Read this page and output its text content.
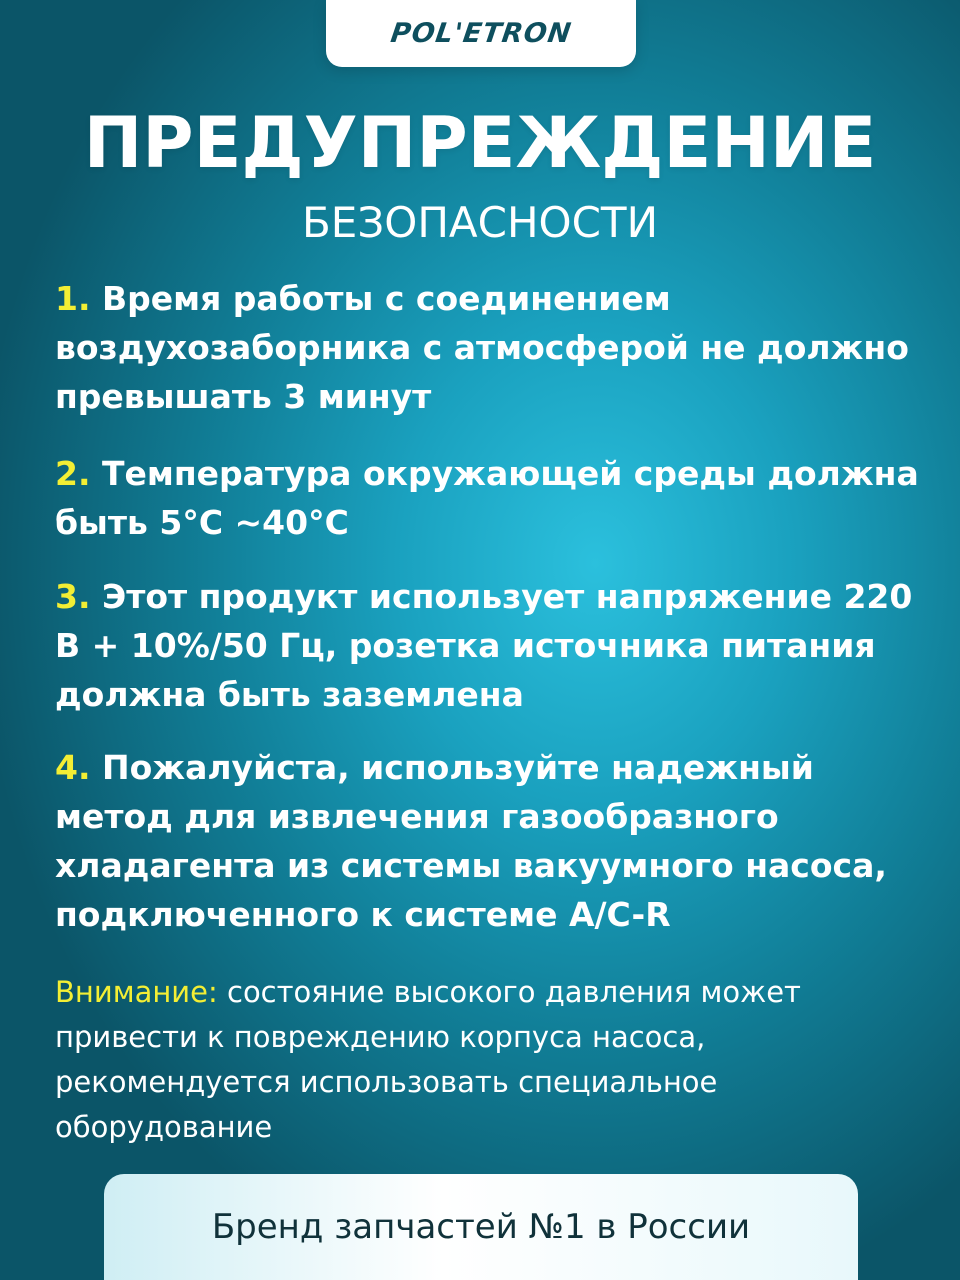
POL'ETRON
ПРЕДУПРЕЖДЕНИЕ
БЕЗОПАСНОСТИ
1. Время работы с соединением воздухозаборника с атмосферой не должно превышать 3 минут
2. Температура окружающей среды должна быть 5°C ~40°C
3. Этот продукт использует напряжение 220 В + 10%/50 Гц, розетка источника питания должна быть заземлена
4. Пожалуйста, используйте надежный метод для извлечения газообразного хладагента из системы вакуумного насоса, подключенного к системе A/C-R
Внимание: состояние высокого давления может привести к повреждению корпуса насоса, рекомендуется использовать специальное оборудование
Бренд запчастей №1 в России
